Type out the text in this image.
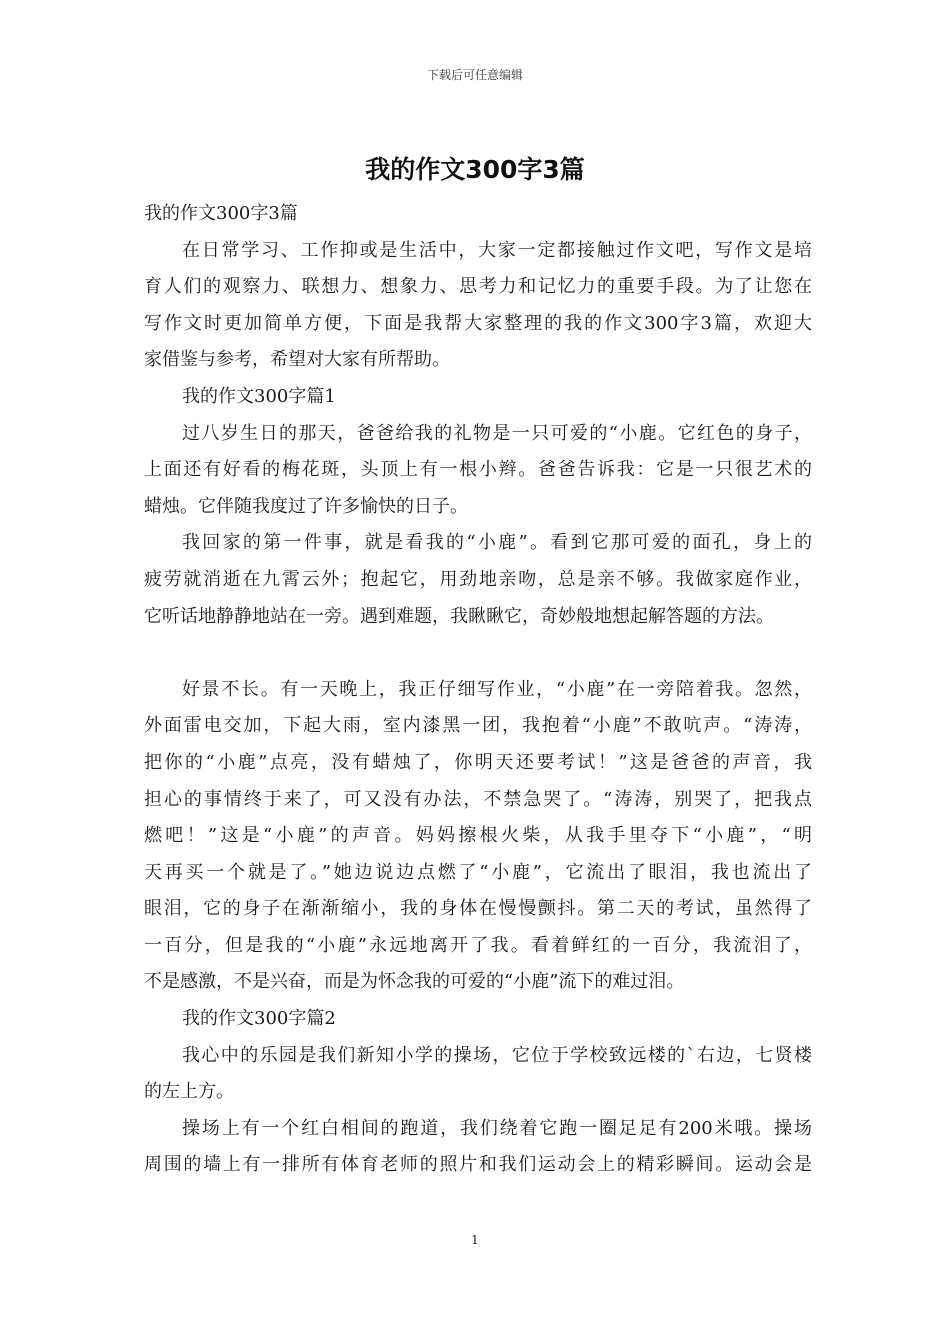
下载后可任意编辑
我的作文300字3篇
我的作文300字3篇
在日常学习、工作抑或是生活中，大家一定都接触过作文吧，写作文是培
育人们的观察力、联想力、想象力、思考力和记忆力的重要手段。为了让您在
写作文时更加简单方便，下面是我帮大家整理的我的作文300字3篇，欢迎大
家借鉴与参考，希望对大家有所帮助。
我的作文300字篇1
过八岁生日的那天，爸爸给我的礼物是一只可爱的“小鹿。它红色的身子，
上面还有好看的梅花斑，头顶上有一根小辫。爸爸告诉我：它是一只很艺术的
蜡烛。它伴随我度过了许多愉快的日子。
我回家的第一件事，就是看我的“小鹿”。看到它那可爱的面孔，身上的
疲劳就消逝在九霄云外；抱起它，用劲地亲吻，总是亲不够。我做家庭作业，
它听话地静静地站在一旁。遇到难题，我瞅瞅它，奇妙般地想起解答题的方法。
好景不长。有一天晚上，我正仔细写作业，“小鹿”在一旁陪着我。忽然，
外面雷电交加，下起大雨，室内漆黑一团，我抱着“小鹿”不敢吭声。“涛涛，
把你的“小鹿”点亮，没有蜡烛了，你明天还要考试！”这是爸爸的声音，我
担心的事情终于来了，可又没有办法，不禁急哭了。“涛涛，别哭了，把我点
燃吧！”这是“小鹿”的声音。妈妈擦根火柴，从我手里夺下“小鹿”，“明
天再买一个就是了。”她边说边点燃了“小鹿”，它流出了眼泪，我也流出了
眼泪，它的身子在渐渐缩小，我的身体在慢慢颤抖。第二天的考试，虽然得了
一百分，但是我的“小鹿”永远地离开了我。看着鲜红的一百分，我流泪了，
不是感激，不是兴奋，而是为怀念我的可爱的“小鹿”流下的难过泪。
我的作文300字篇2
我心中的乐园是我们新知小学的操场，它位于学校致远楼的`右边，七贤楼
的左上方。
操场上有一个红白相间的跑道，我们绕着它跑一圈足足有200米哦。操场
周围的墙上有一排所有体育老师的照片和我们运动会上的精彩瞬间。运动会是
1
